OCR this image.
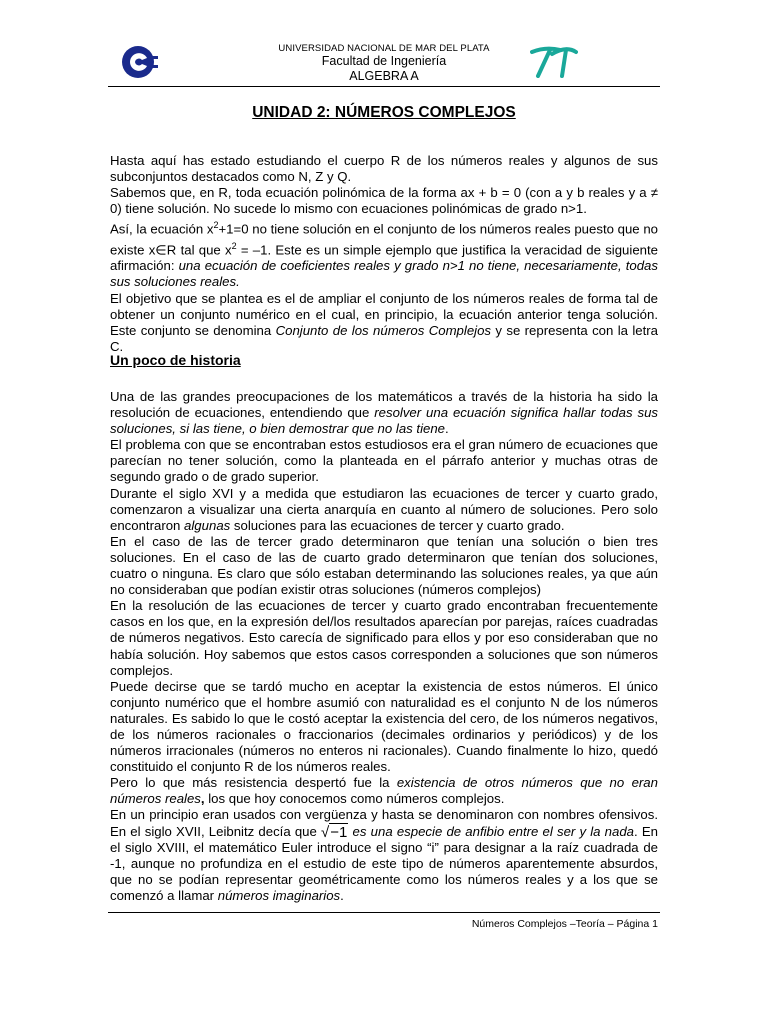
UNIVERSIDAD NACIONAL DE MAR DEL PLATA
Facultad de Ingeniería
ALGEBRA A
UNIDAD 2: NÚMEROS COMPLEJOS

Hasta aquí has estado estudiando el cuerpo R de los números reales y algunos de sus subconjuntos destacados como N, Z y Q.

Sabemos que, en R, toda ecuación polinómica de la forma ax + b = 0 (con a y b reales y a ≠ 0) tiene solución. No sucede lo mismo con ecuaciones polinómicas de grado n>1.

Así, la ecuación $x^2+1=0$ no tiene solución en el conjunto de los números reales puesto que no existe x∈R tal que $x^2 = -1$. Este es un simple ejemplo que justifica la veracidad de siguiente afirmación: una ecuación de coeficientes reales y grado n>1 no tiene, necesariamente, todas sus soluciones reales.

El objetivo que se plantea es el de ampliar el conjunto de los números reales de forma tal de obtener un conjunto numérico en el cual, en principio, la ecuación anterior tenga solución. Este conjunto se denomina Conjunto de los números Complejos y se representa con la letra C.

Un poco de historia

Una de las grandes preocupaciones de los matemáticos a través de la historia ha sido la resolución de ecuaciones, entendiendo que resolver una ecuación significa hallar todas sus soluciones, si las tiene, o bien demostrar que no las tiene.

El problema con que se encontraban estos estudiosos era el gran número de ecuaciones que parecían no tener solución, como la planteada en el párrafo anterior y muchas otras de segundo grado o de grado superior.

Durante el siglo XVI y a medida que estudiaron las ecuaciones de tercer y cuarto grado, comenzaron a visualizar una cierta anarquía en cuanto al número de soluciones. Pero solo encontraron algunas soluciones para las ecuaciones de tercer y cuarto grado.

En el caso de las de tercer grado determinaron que tenían una solución o bien tres soluciones. En el caso de las de cuarto grado determinaron que tenían dos soluciones, cuatro o ninguna. Es claro que sólo estaban determinando las soluciones reales, ya que aún no consideraban que podían existir otras soluciones (números complejos)

En la resolución de las ecuaciones de tercer y cuarto grado encontraban frecuentemente casos en los que, en la expresión del/los resultados aparecían por parejas, raíces cuadradas de números negativos. Esto carecía de significado para ellos y por eso consideraban que no había solución. Hoy sabemos que estos casos corresponden a soluciones que son números complejos.

Puede decirse que se tardó mucho en aceptar la existencia de estos números. El único conjunto numérico que el hombre asumió con naturalidad es el conjunto N de los números naturales. Es sabido lo que le costó aceptar la existencia del cero, de los números negativos, de los números racionales o fraccionarios (decimales ordinarios y periódicos) y de los números irracionales (números no enteros ni racionales). Cuando finalmente lo hizo, quedó constituido el conjunto R de los números reales.

Pero lo que más resistencia despertó fue la existencia de otros números que no eran números reales, los que hoy conocemos como números complejos.

En un principio eran usados con vergüenza y hasta se denominaron con nombres ofensivos. En el siglo XVII, Leibnitz decía que √−1 es una especie de anfibio entre el ser y la nada. En el siglo XVIII, el matemático Euler introduce el signo “i” para designar a la raíz cuadrada de -1, aunque no profundiza en el estudio de este tipo de números aparentemente absurdos, que no se podían representar geométricamente como los números reales y a los que se comenzó a llamar números imaginarios.

Números Complejos –Teoría – Página 1
